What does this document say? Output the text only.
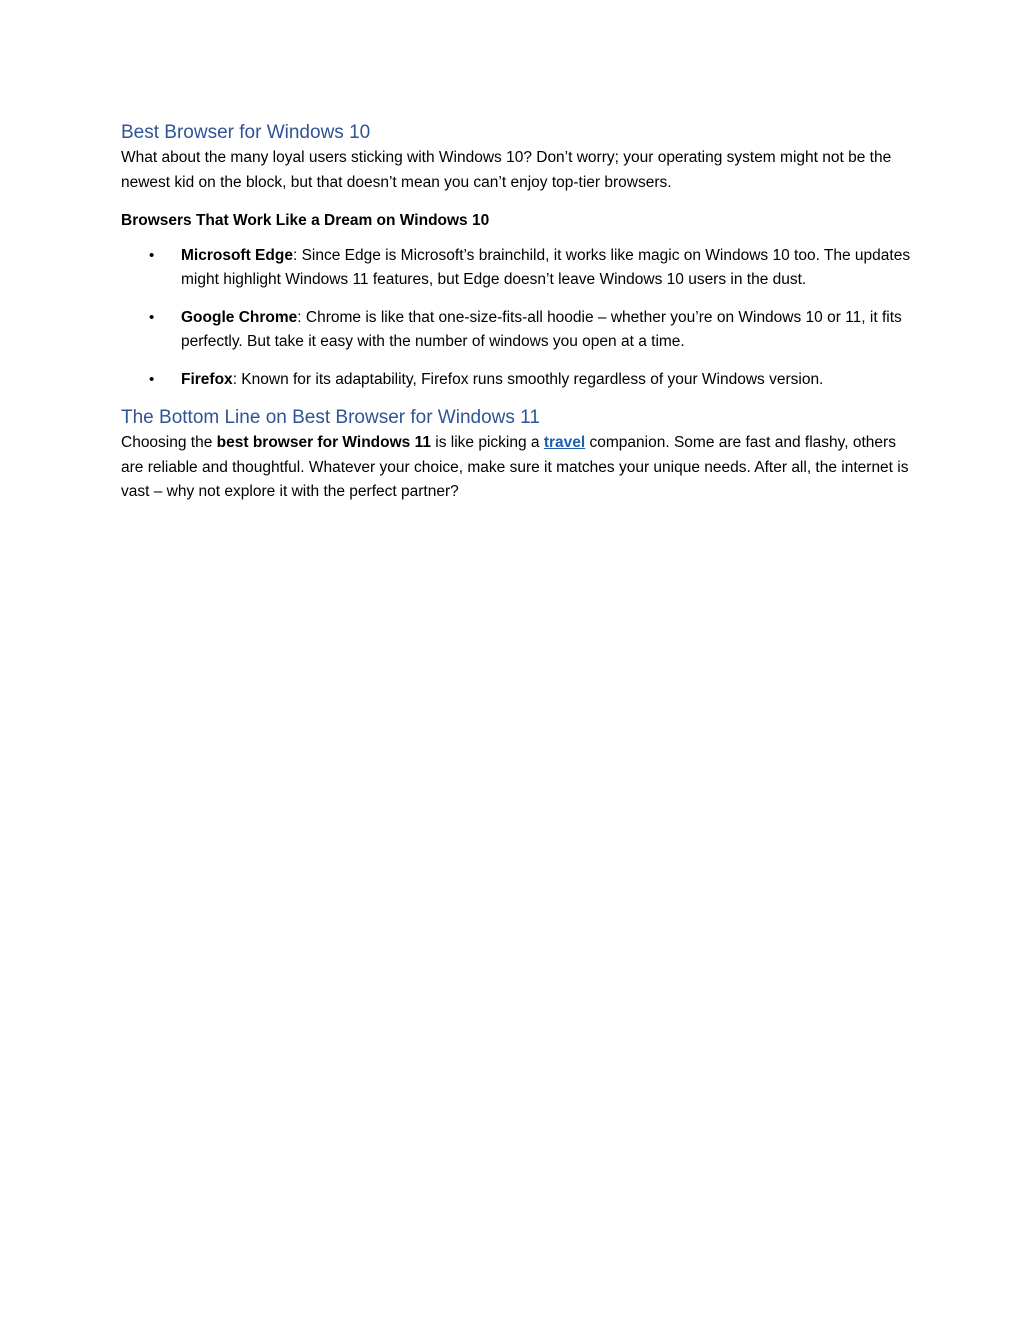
Best Browser for Windows 10

What about the many loyal users sticking with Windows 10? Don’t worry; your operating system might not be the newest kid on the block, but that doesn’t mean you can’t enjoy top-tier browsers.

Browsers That Work Like a Dream on Windows 10

• Microsoft Edge: Since Edge is Microsoft’s brainchild, it works like magic on Windows 10 too. The updates might highlight Windows 11 features, but Edge doesn’t leave Windows 10 users in the dust.
• Google Chrome: Chrome is like that one-size-fits-all hoodie – whether you’re on Windows 10 or 11, it fits perfectly. But take it easy with the number of windows you open at a time.
• Firefox: Known for its adaptability, Firefox runs smoothly regardless of your Windows version.
The Bottom Line on Best Browser for Windows 11

Choosing the best browser for Windows 11 is like picking a travel companion. Some are fast and flashy, others are reliable and thoughtful. Whatever your choice, make sure it matches your unique needs. After all, the internet is vast – why not explore it with the perfect partner?
